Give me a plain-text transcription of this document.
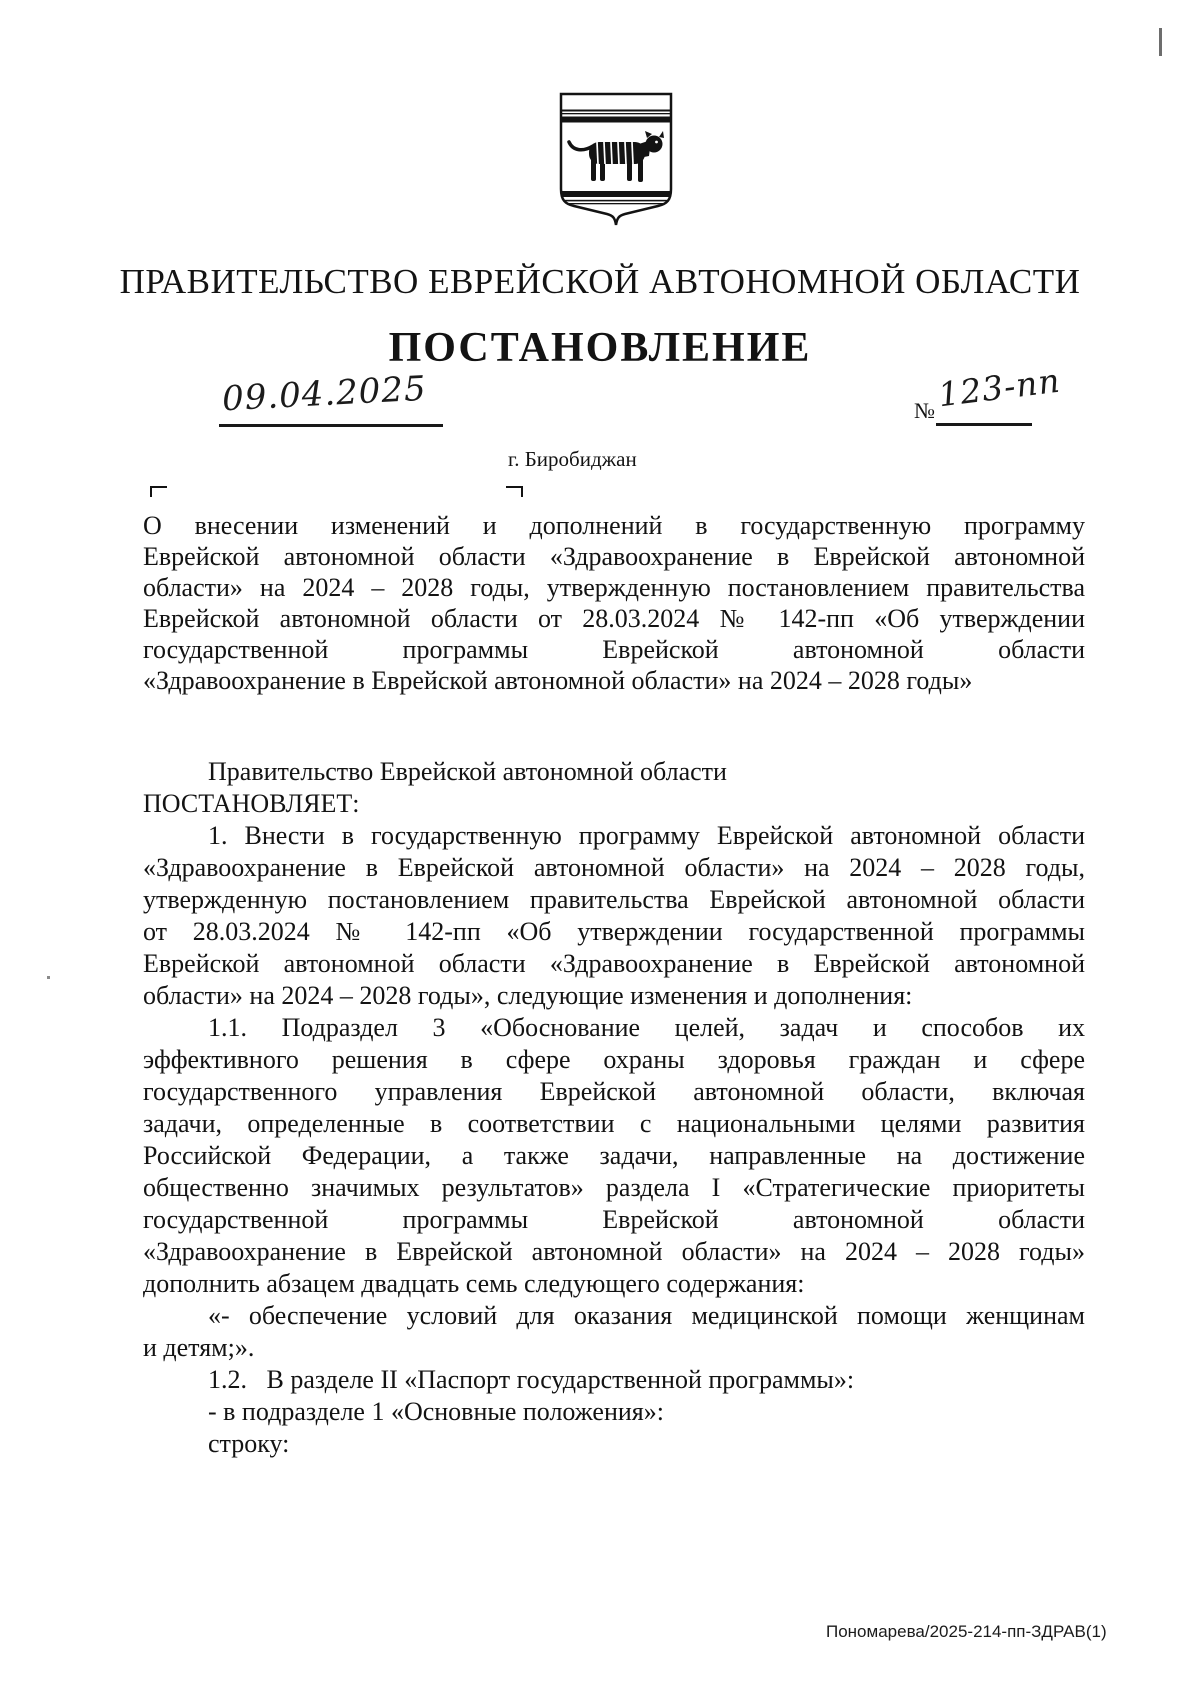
ПРАВИТЕЛЬСТВО ЕВРЕЙСКОЙ АВТОНОМНОЙ ОБЛАСТИ
ПОСТАНОВЛЕНИЕ
09.04.2025	№ 123-пп
г. Биробиджан
О внесении изменений и дополнений в государственную программу
Еврейской автономной области «Здравоохранение в Еврейской автономной
области» на 2024 – 2028 годы, утвержденную постановлением правительства
Еврейской автономной области от 28.03.2024 № 142-пп «Об утверждении
государственной программы Еврейской автономной области
«Здравоохранение в Еврейской автономной области» на 2024 – 2028 годы»
Правительство Еврейской автономной области
ПОСТАНОВЛЯЕТ:
1. Внести в государственную программу Еврейской автономной области
«Здравоохранение в Еврейской автономной области» на 2024 – 2028 годы,
утвержденную постановлением правительства Еврейской автономной области
от 28.03.2024 № 142-пп «Об утверждении государственной программы
Еврейской автономной области «Здравоохранение в Еврейской автономной
области» на 2024 – 2028 годы», следующие изменения и дополнения:
1.1. Подраздел 3 «Обоснование целей, задач и способов их
эффективного решения в сфере охраны здоровья граждан и сфере
государственного управления Еврейской автономной области, включая
задачи, определенные в соответствии с национальными целями развития
Российской Федерации, а также задачи, направленные на достижение
общественно значимых результатов» раздела I «Стратегические приоритеты
государственной программы Еврейской автономной области
«Здравоохранение в Еврейской автономной области» на 2024 – 2028 годы»
дополнить абзацем двадцать семь следующего содержания:
«- обеспечение условий для оказания медицинской помощи женщинам
и детям;».
1.2.   В разделе II «Паспорт государственной программы»:
- в подразделе 1 «Основные положения»:
строку:
Пономарева/2025-214-пп-ЗДРАВ(1)
